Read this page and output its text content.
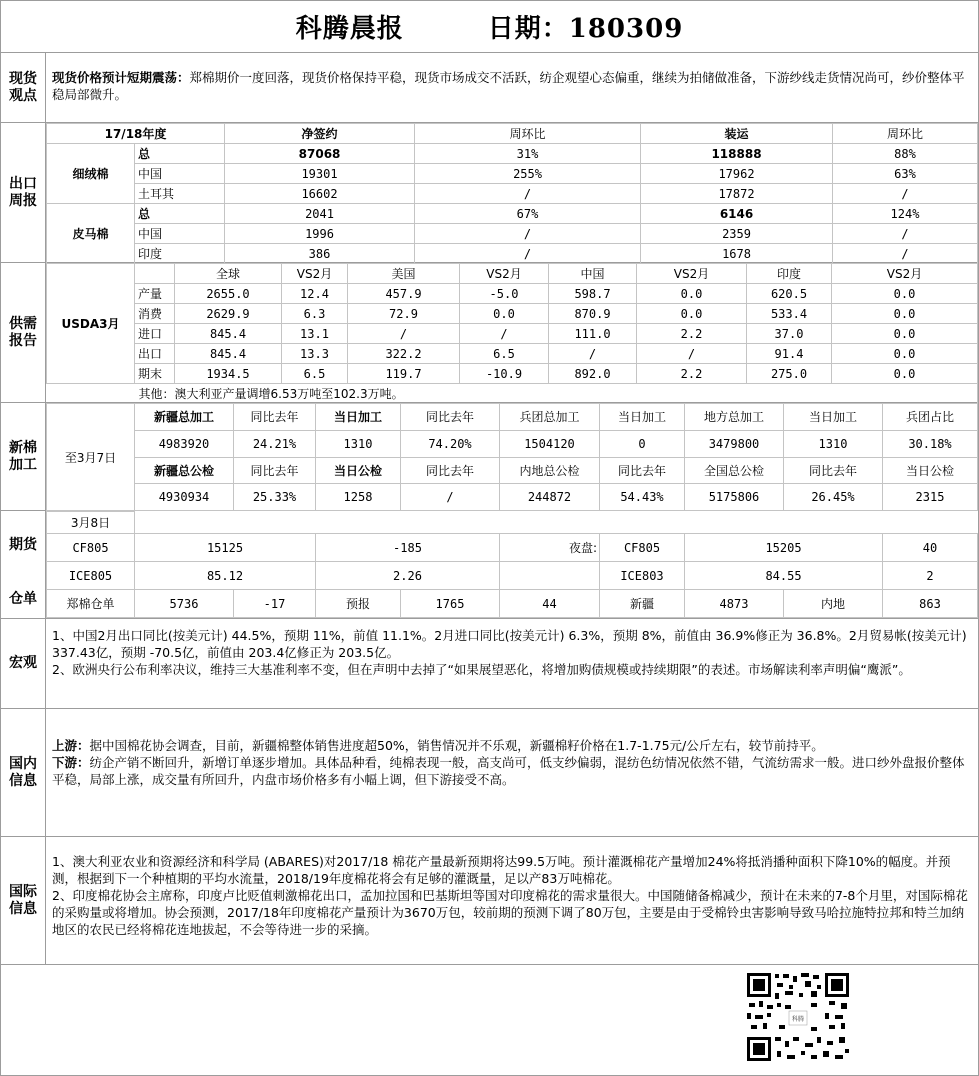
科腾晨报	日期：180309
现货观点
现货价格预计短期震荡：郑棉期价一度回落，现货价格保持平稳，现货市场成交不活跃，纺企观望心态偏重，继续为拍储做准备，下游纱线走货情况尚可，纱价整体平稳局部微升。
出口周报
17/18年度		净签约	周环比	装运	周环比
细绒棉	总	87068	31%	118888	88%
	中国	19301	255%	17962	63%
	土耳其	16602	/	17872	/
皮马棉	总	2041	67%	6146	124%
	中国	1996	/	2359	/
	印度	386	/	1678	/
供需报告
USDA3月		全球	VS2月	美国	VS2月	中国	VS2月	印度	VS2月
	产量	2655.0	12.4	457.9	-5.0	598.7	0.0	620.5	0.0
	消费	2629.9	6.3	72.9	0.0	870.9	0.0	533.4	0.0
	进口	845.4	13.1	/	/	111.0	2.2	37.0	0.0
	出口	845.4	13.3	322.2	6.5	/	/	91.4	0.0
	期末	1934.5	6.5	119.7	-10.9	892.0	2.2	275.0	0.0
其他：澳大利亚产量调增6.53万吨至102.3万吨。									
新棉加工 至3月7日	新疆总加工	同比去年	当日加工	同比去年	兵团总加工	当日加工	地方总加工	当日加工	兵团占比
	4983920	24.21%	1310	74.20%	1504120	0	3479800	1310	30.18%
	新疆总公检	同比去年	当日公检	同比去年	内地总公检	同比去年	全国总公检	同比去年	当日公检
	4930934	25.33%	1258	/	244872	54.43%	5175806	26.45%	2315
期货
仓单
3月8日									
CF805	15125		-185		夜盘:	CF805	15205		40
ICE805	85.12		2.26			ICE803	84.55		2
郑棉仓单	5736	-17	预报	1765	44	新疆	4873	内地	863
宏观
1、中国2月出口同比(按美元计) 44.5%，预期 11%，前值 11.1%。2月进口同比(按美元计) 6.3%，预期 8%，前值由 36.9%修正为 36.8%。2月贸易帐(按美元计) 337.43亿，预期 -70.5亿，前值由 203.4亿修正为 203.5亿。
2、欧洲央行公布利率决议，维持三大基准利率不变，但在声明中去掉了“如果展望恶化，将增加购债规模或持续期限”的表述。市场解读利率声明偏“鹰派”。
国内信息
上游：据中国棉花协会调查，目前，新疆棉整体销售进度超50%，销售情况并不乐观，新疆棉籽价格在1.7-1.75元/公斤左右，较节前持平。
下游：纺企产销不断回升，新增订单逐步增加。具体品种看，纯棉表现一般，高支尚可，低支纱偏弱，混纺色纺情况依然不错，气流纺需求一般。进口纱外盘报价整体平稳，局部上涨，成交量有所回升，内盘市场价格多有小幅上调，但下游接受不高。
国际信息
1、澳大利亚农业和资源经济和科学局 (ABARES)对2017/18 棉花产量最新预期将达99.5万吨。预计灌溉棉花产量增加24%将抵消播种面积下降10%的幅度。并预测，根据到下一个种植期的平均水流量，2018/19年度棉花将会有足够的灌溉量，足以产83万吨棉花。
2、印度棉花协会主席称，印度卢比贬值刺激棉花出口，孟加拉国和巴基斯坦等国对印度棉花的需求量很大。中国随储备棉减少，预计在未来的7-8个月里，对国际棉花的采购量或将增加。协会预测，2017/18年印度棉花产量预计为3670万包，较前期的预测下调了80万包，主要是由于受棉铃虫害影响导致马哈拉施特拉邦和特兰加纳地区的农民已经将棉花连地拔起，不会等待进一步的采摘。
科腾
